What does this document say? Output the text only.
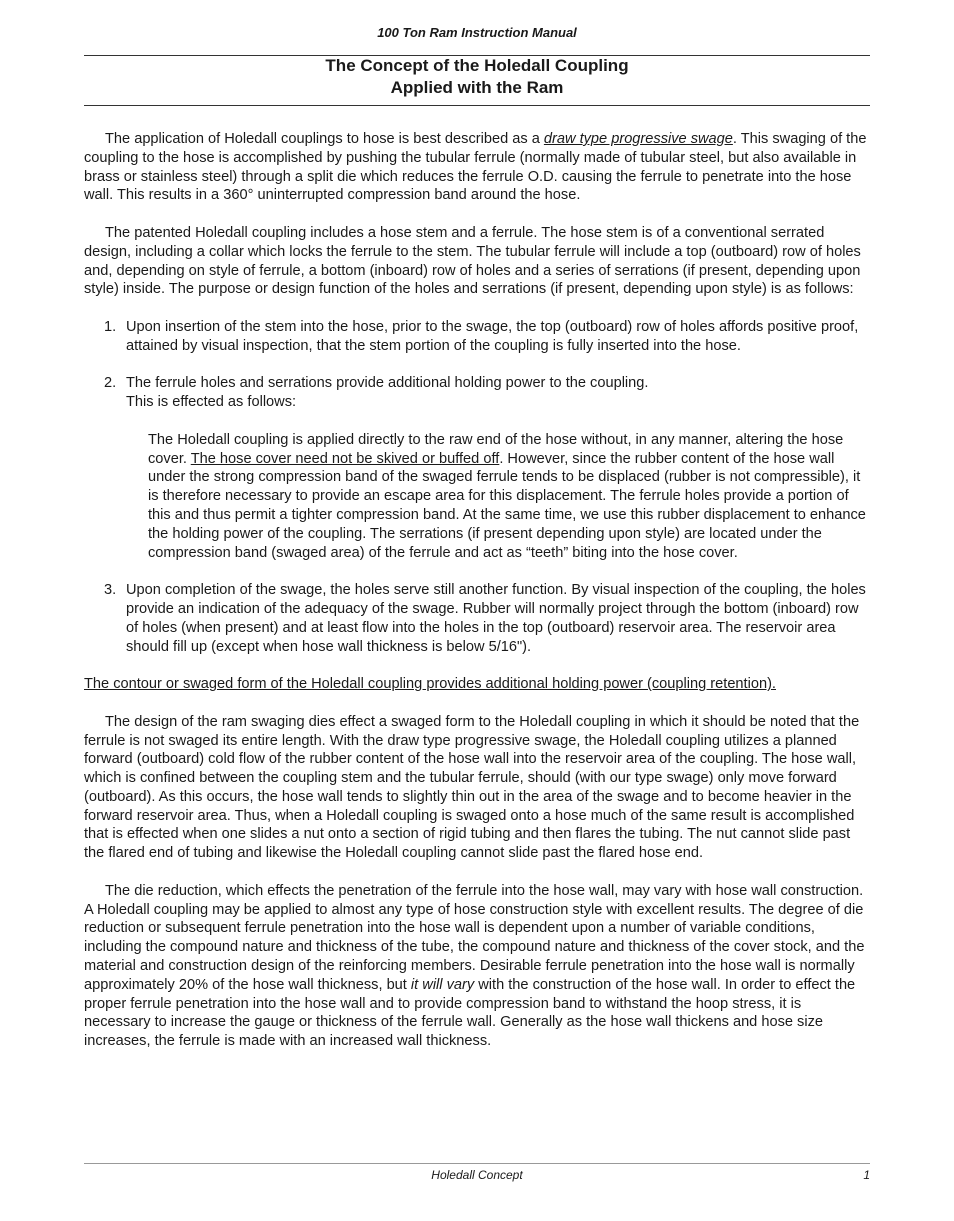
100 Ton Ram Instruction Manual
The Concept of the Holedall Coupling
Applied with the Ram

The application of Holedall couplings to hose is best described as a draw type progressive swage. This swaging of the coupling to the hose is accomplished by pushing the tubular ferrule (normally made of tubular steel, but also available in brass or stainless steel) through a split die which reduces the ferrule O.D. causing the ferrule to penetrate into the hose wall. This results in a 360° uninterrupted compression band around the hose.

The patented Holedall coupling includes a hose stem and a ferrule. The hose stem is of a conventional serrated design, including a collar which locks the ferrule to the stem. The tubular ferrule will include a top (outboard) row of holes and, depending on style of ferrule, a bottom (inboard) row of holes and a series of serrations (if present, depending upon style) inside. The purpose or design function of the holes and serrations (if present, depending upon style) is as follows:

1. Upon insertion of the stem into the hose, prior to the swage, the top (outboard) row of holes affords positive proof, attained by visual inspection, that the stem portion of the coupling is fully inserted into the hose.
2. The ferrule holes and serrations provide additional holding power to the coupling.
This is effected as follows:

The Holedall coupling is applied directly to the raw end of the hose without, in any manner, altering the hose cover. The hose cover need not be skived or buffed off. However, since the rubber content of the hose wall under the strong compression band of the swaged ferrule tends to be displaced (rubber is not compressible), it is therefore necessary to provide an escape area for this displacement. The ferrule holes provide a portion of this and thus permit a tighter compression band. At the same time, we use this rubber displacement to enhance the holding power of the coupling. The serrations (if present depending upon style) are located under the compression band (swaged area) of the ferrule and act as “teeth” biting into the hose cover.

3. Upon completion of the swage, the holes serve still another function. By visual inspection of the coupling, the holes provide an indication of the adequacy of the swage. Rubber will normally project through the bottom (inboard) row of holes (when present) and at least flow into the holes in the top (outboard) reservoir area. The reservoir area should fill up (except when hose wall thickness is below 5/16").

The contour or swaged form of the Holedall coupling provides additional holding power (coupling retention).

The design of the ram swaging dies effect a swaged form to the Holedall coupling in which it should be noted that the ferrule is not swaged its entire length. With the draw type progressive swage, the Holedall coupling utilizes a planned forward (outboard) cold flow of the rubber content of the hose wall into the reservoir area of the coupling. The hose wall, which is confined between the coupling stem and the tubular ferrule, should (with our type swage) only move forward (outboard). As this occurs, the hose wall tends to slightly thin out in the area of the swage and to become heavier in the forward reservoir area. Thus, when a Holedall coupling is swaged onto a hose much of the same result is accomplished that is effected when one slides a nut onto a section of rigid tubing and then flares the tubing. The nut cannot slide past the flared end of tubing and likewise the Holedall coupling cannot slide past the flared hose end.

The die reduction, which effects the penetration of the ferrule into the hose wall, may vary with hose wall construction. A Holedall coupling may be applied to almost any type of hose construction style with excellent results. The degree of die reduction or subsequent ferrule penetration into the hose wall is dependent upon a number of variable conditions, including the compound nature and thickness of the tube, the compound nature and thickness of the cover stock, and the material and construction design of the reinforcing members. Desirable ferrule penetration into the hose wall is normally approximately 20% of the hose wall thickness, but it will vary with the construction of the hose wall. In order to effect the proper ferrule penetration into the hose wall and to provide compression band to withstand the hoop stress, it is necessary to increase the gauge or thickness of the ferrule wall. Generally as the hose wall thickens and hose size increases, the ferrule is made with an increased wall thickness.

Holedall Concept	1
